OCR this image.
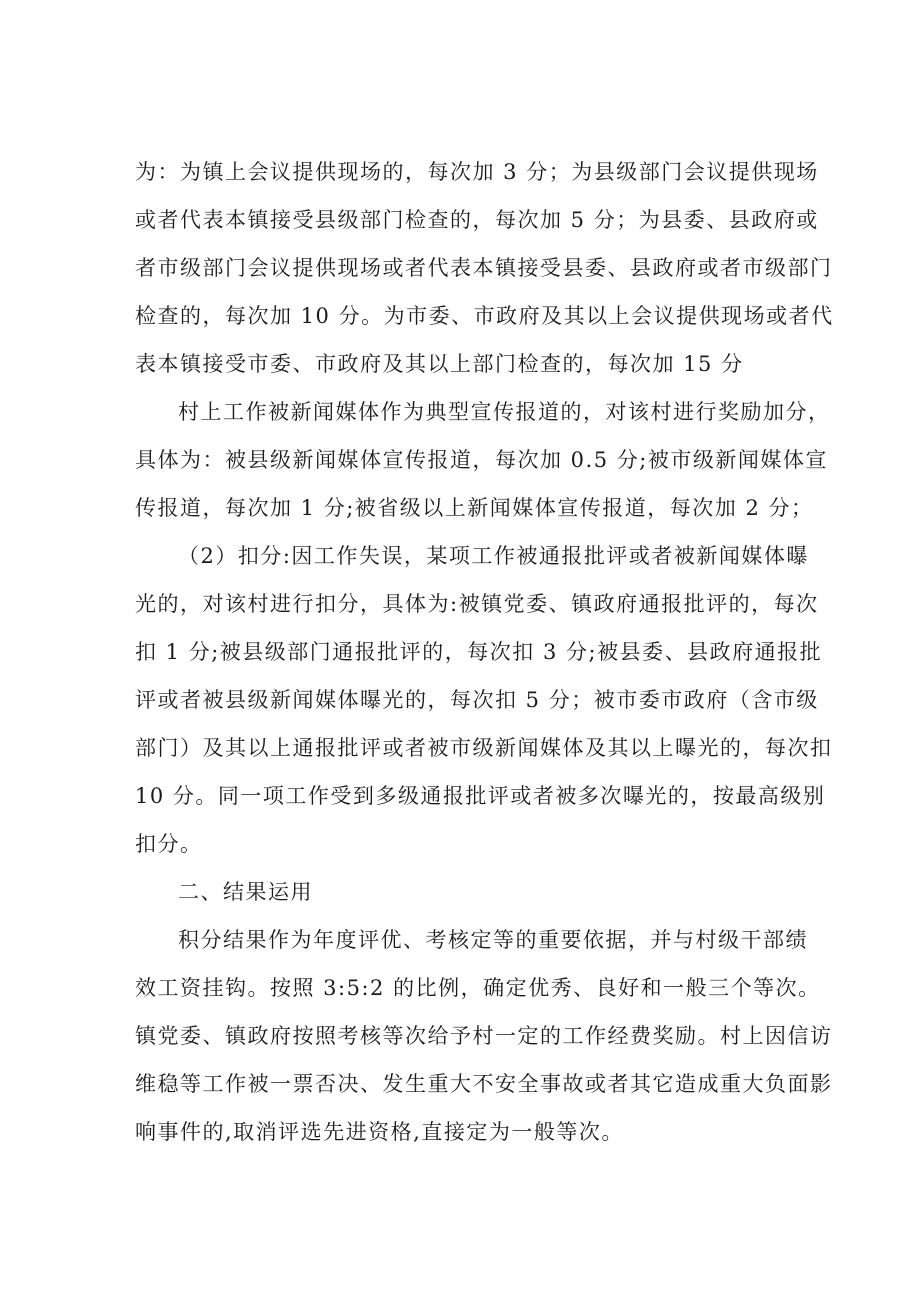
为：为镇上会议提供现场的，每次加 3 分；为县级部门会议提供现场
或者代表本镇接受县级部门检查的，每次加 5 分；为县委、县政府或
者市级部门会议提供现场或者代表本镇接受县委、县政府或者市级部门
检查的，每次加 10 分。为市委、市政府及其以上会议提供现场或者代
表本镇接受市委、市政府及其以上部门检查的，每次加 15 分
村上工作被新闻媒体作为典型宣传报道的，对该村进行奖励加分，
具体为：被县级新闻媒体宣传报道，每次加 0.5 分;被市级新闻媒体宣
传报道，每次加 1 分;被省级以上新闻媒体宣传报道，每次加 2 分；
（2）扣分:因工作失误，某项工作被通报批评或者被新闻媒体曝
光的，对该村进行扣分，具体为:被镇党委、镇政府通报批评的，每次
扣 1 分;被县级部门通报批评的，每次扣 3 分;被县委、县政府通报批
评或者被县级新闻媒体曝光的，每次扣 5 分；被市委市政府（含市级
部门）及其以上通报批评或者被市级新闻媒体及其以上曝光的，每次扣
10 分。同一项工作受到多级通报批评或者被多次曝光的，按最高级别
扣分。
二、结果运用
积分结果作为年度评优、考核定等的重要依据，并与村级干部绩
效工资挂钩。按照 3:5:2 的比例，确定优秀、良好和一般三个等次。
镇党委、镇政府按照考核等次给予村一定的工作经费奖励。村上因信访
维稳等工作被一票否决、发生重大不安全事故或者其它造成重大负面影
响事件的,取消评选先进资格,直接定为一般等次。
